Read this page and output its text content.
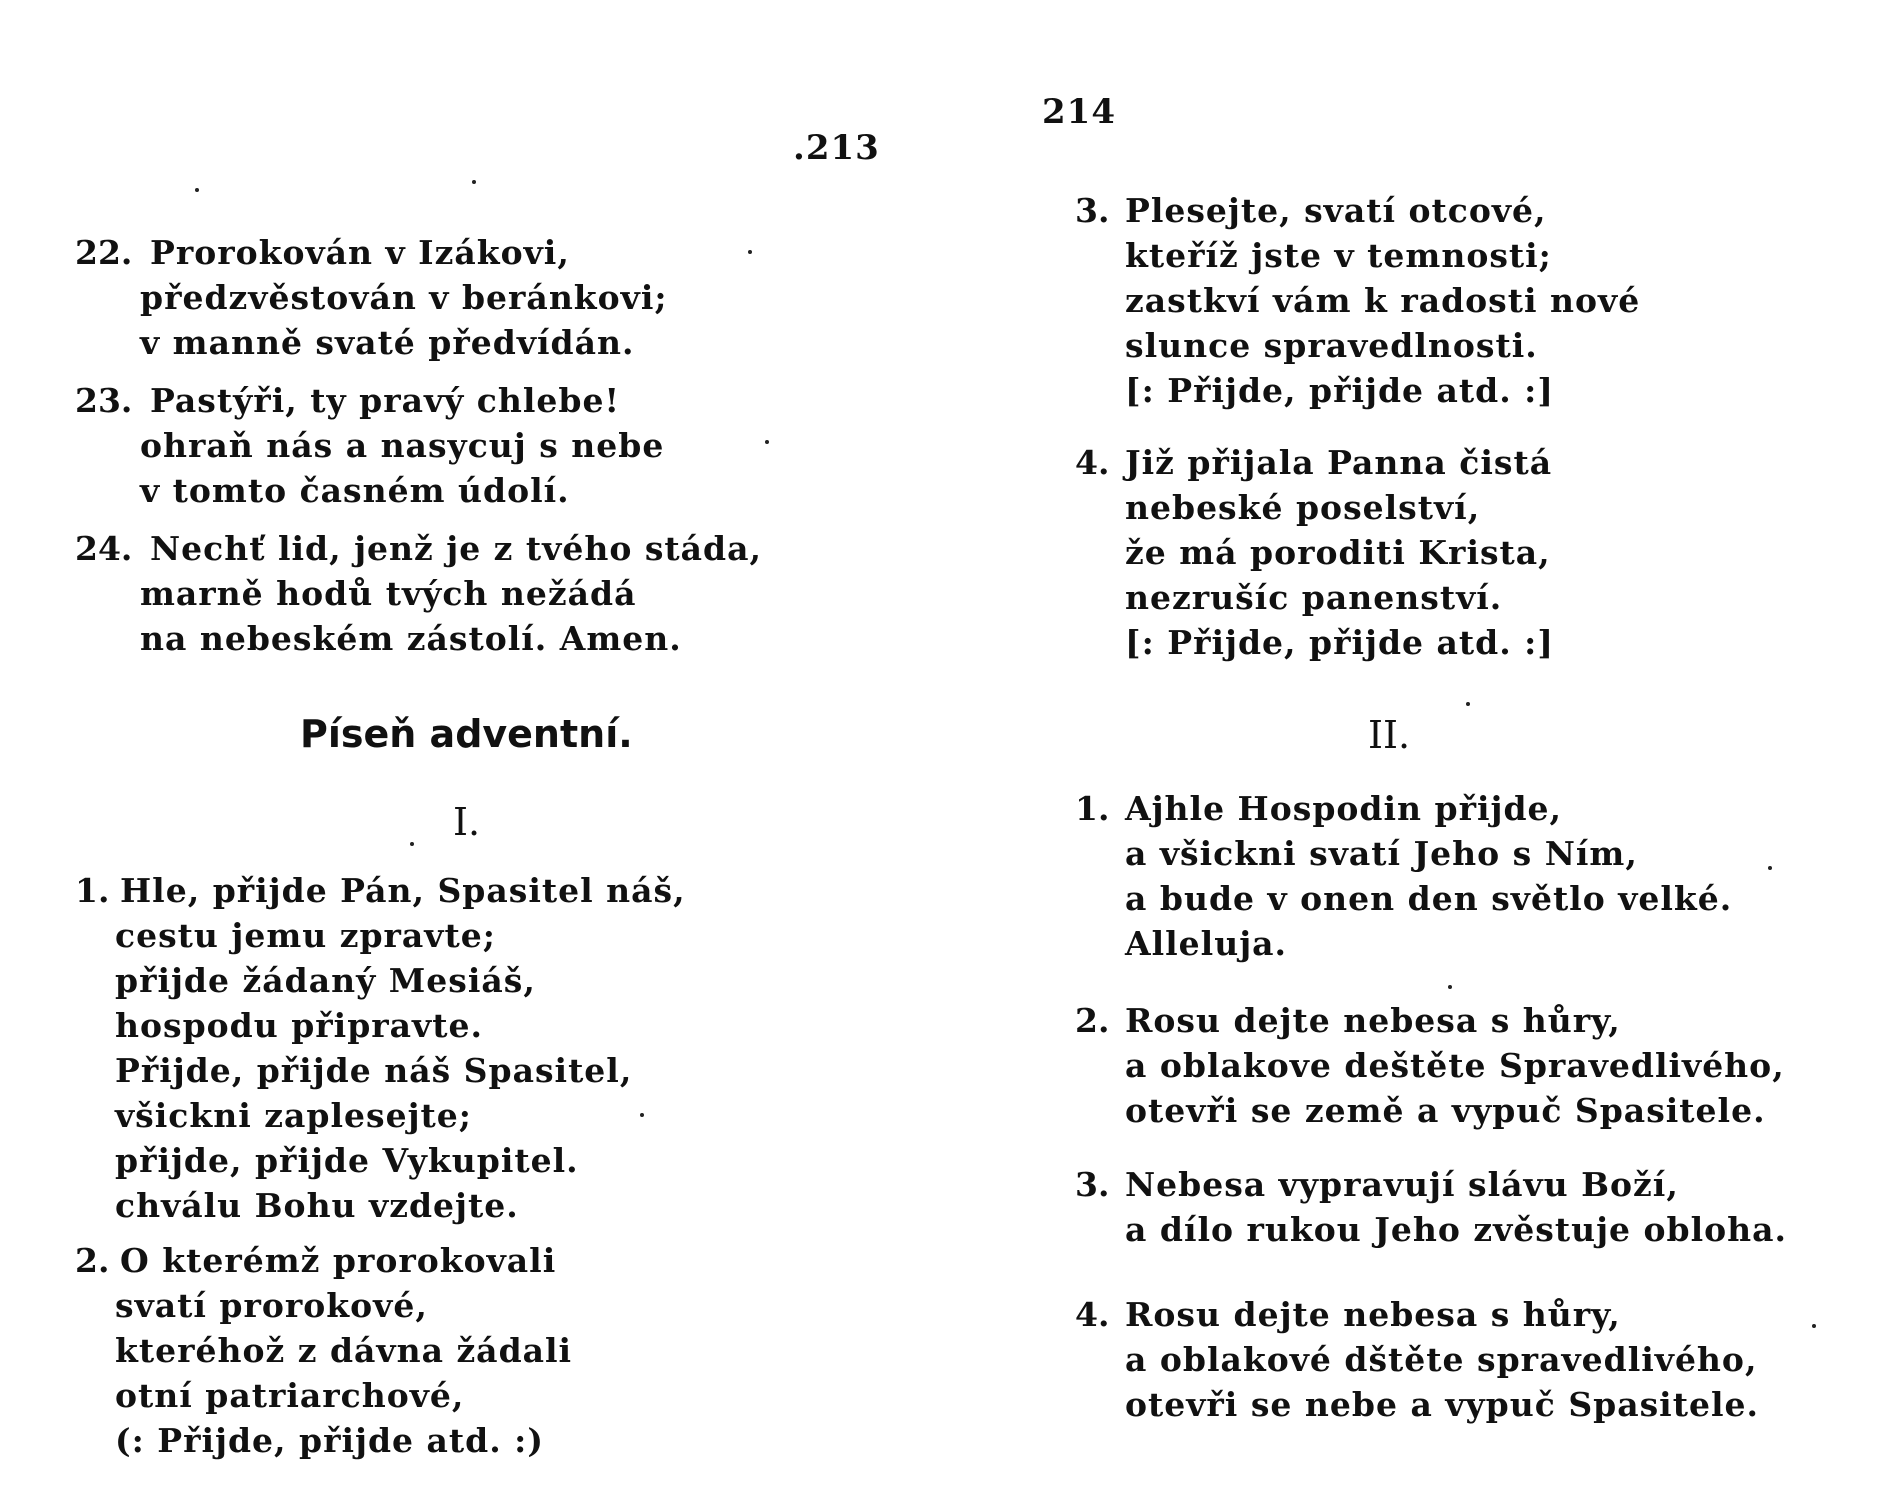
.213
214
22. Prorokován v Izákovi,
předzvěstován v beránkovi;
v manně svaté předvídán.
23. Pastýři, ty pravý chlebe!
ohraň nás a nasycuj s nebe
v tomto časném údolí.
24. Nechť lid, jenž je z tvého stáda,
marně hodů tvých nežádá
na nebeském zástolí. Amen.
Píseň adventní.
I.
1. Hle, přijde Pán, Spasitel náš,
cestu jemu zpravte;
přijde žádaný Mesiáš,
hospodu připravte.
Přijde, přijde náš Spasitel,
všickni zaplesejte;
přijde, přijde Vykupitel.
chválu Bohu vzdejte.
2. O kterémž prorokovali
svatí prorokové,
kteréhož z dávna žádali
otní patriarchové,
(: Přijde, přijde atd. :)
3. Plesejte, svatí otcové,
kteříž jste v temnosti;
zastkví vám k radosti nové
slunce spravedlnosti.
[: Přijde, přijde atd. :]
4. Již přijala Panna čistá
nebeské poselství,
že má poroditi Krista,
nezrušíc panenství.
[: Přijde, přijde atd. :]
II.
1. Ajhle Hospodin přijde,
a všickni svatí Jeho s Ním,
a bude v onen den světlo velké.
Alleluja.
2. Rosu dejte nebesa s hůry,
a oblakove deštěte Spravedlivého,
otevři se země a vypuč Spasitele.
3. Nebesa vypravují slávu Boží,
a dílo rukou Jeho zvěstuje obloha.
4. Rosu dejte nebesa s hůry,
a oblakové dštěte spravedlivého,
otevři se nebe a vypuč Spasitele.
